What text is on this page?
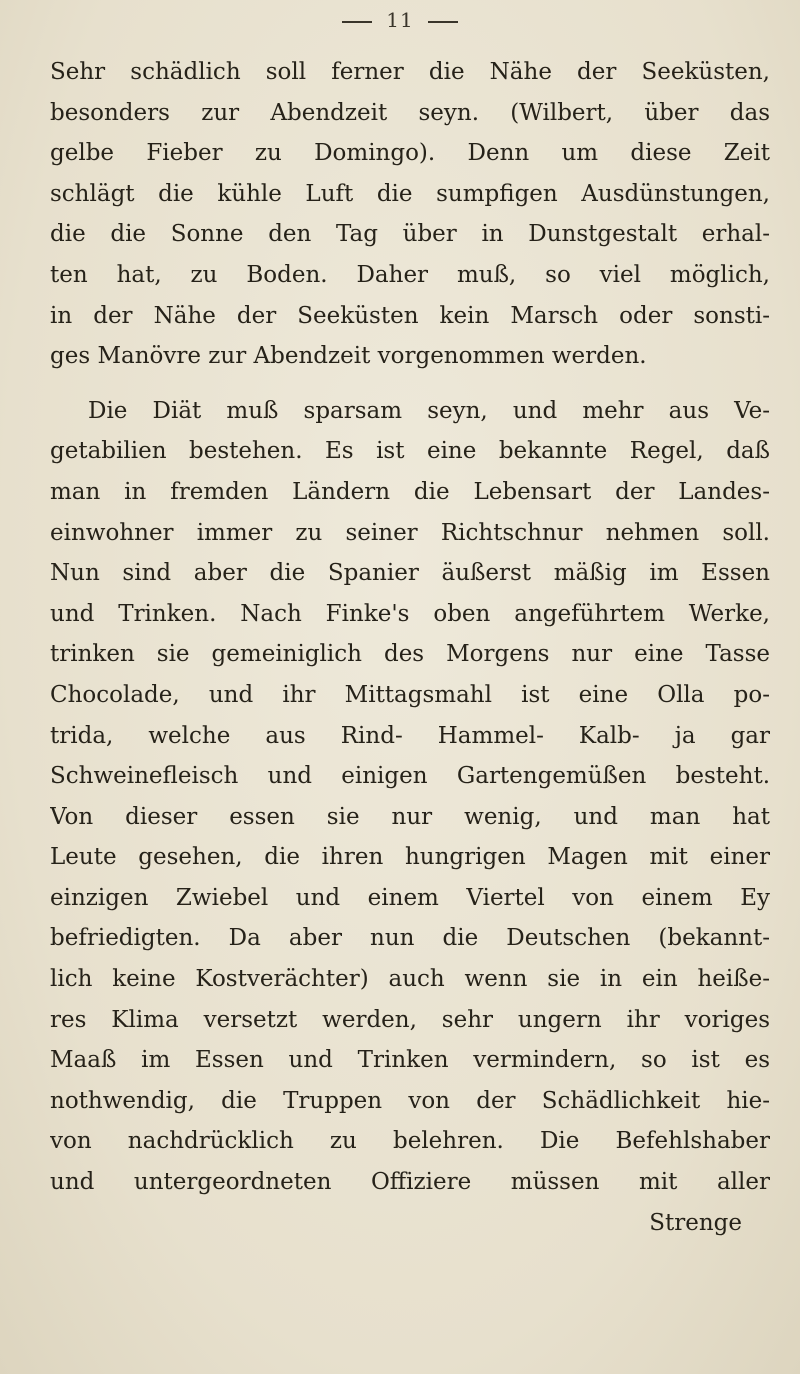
11
Sehr schädlich soll ferner die Nähe der Seeküsten,
besonders zur Abendzeit seyn. (Wilbert, über das
gelbe Fieber zu Domingo). Denn um diese Zeit
schlägt die kühle Luft die sumpfigen Ausdünstungen,
die die Sonne den Tag über in Dunstgestalt erhal-
ten hat, zu Boden. Daher muß, so viel möglich,
in der Nähe der Seeküsten kein Marsch oder sonsti-
ges Manövre zur Abendzeit vorgenommen werden.
Die Diät muß sparsam seyn, und mehr aus Ve-
getabilien bestehen. Es ist eine bekannte Regel, daß
man in fremden Ländern die Lebensart der Landes-
einwohner immer zu seiner Richtschnur nehmen soll.
Nun sind aber die Spanier äußerst mäßig im Essen
und Trinken. Nach Finke's oben angeführtem Werke,
trinken sie gemeiniglich des Morgens nur eine Tasse
Chocolade, und ihr Mittagsmahl ist eine Olla po-
trida, welche aus Rind- Hammel- Kalb- ja gar
Schweinefleisch und einigen Gartengemüßen besteht.
Von dieser essen sie nur wenig, und man hat
Leute gesehen, die ihren hungrigen Magen mit einer
einzigen Zwiebel und einem Viertel von einem Ey
befriedigten. Da aber nun die Deutschen (bekannt-
lich keine Kostverächter) auch wenn sie in ein heiße-
res Klima versetzt werden, sehr ungern ihr voriges
Maaß im Essen und Trinken vermindern, so ist es
nothwendig, die Truppen von der Schädlichkeit hie-
von nachdrücklich zu belehren. Die Befehlshaber
und untergeordneten Offiziere müssen mit aller
Strenge
